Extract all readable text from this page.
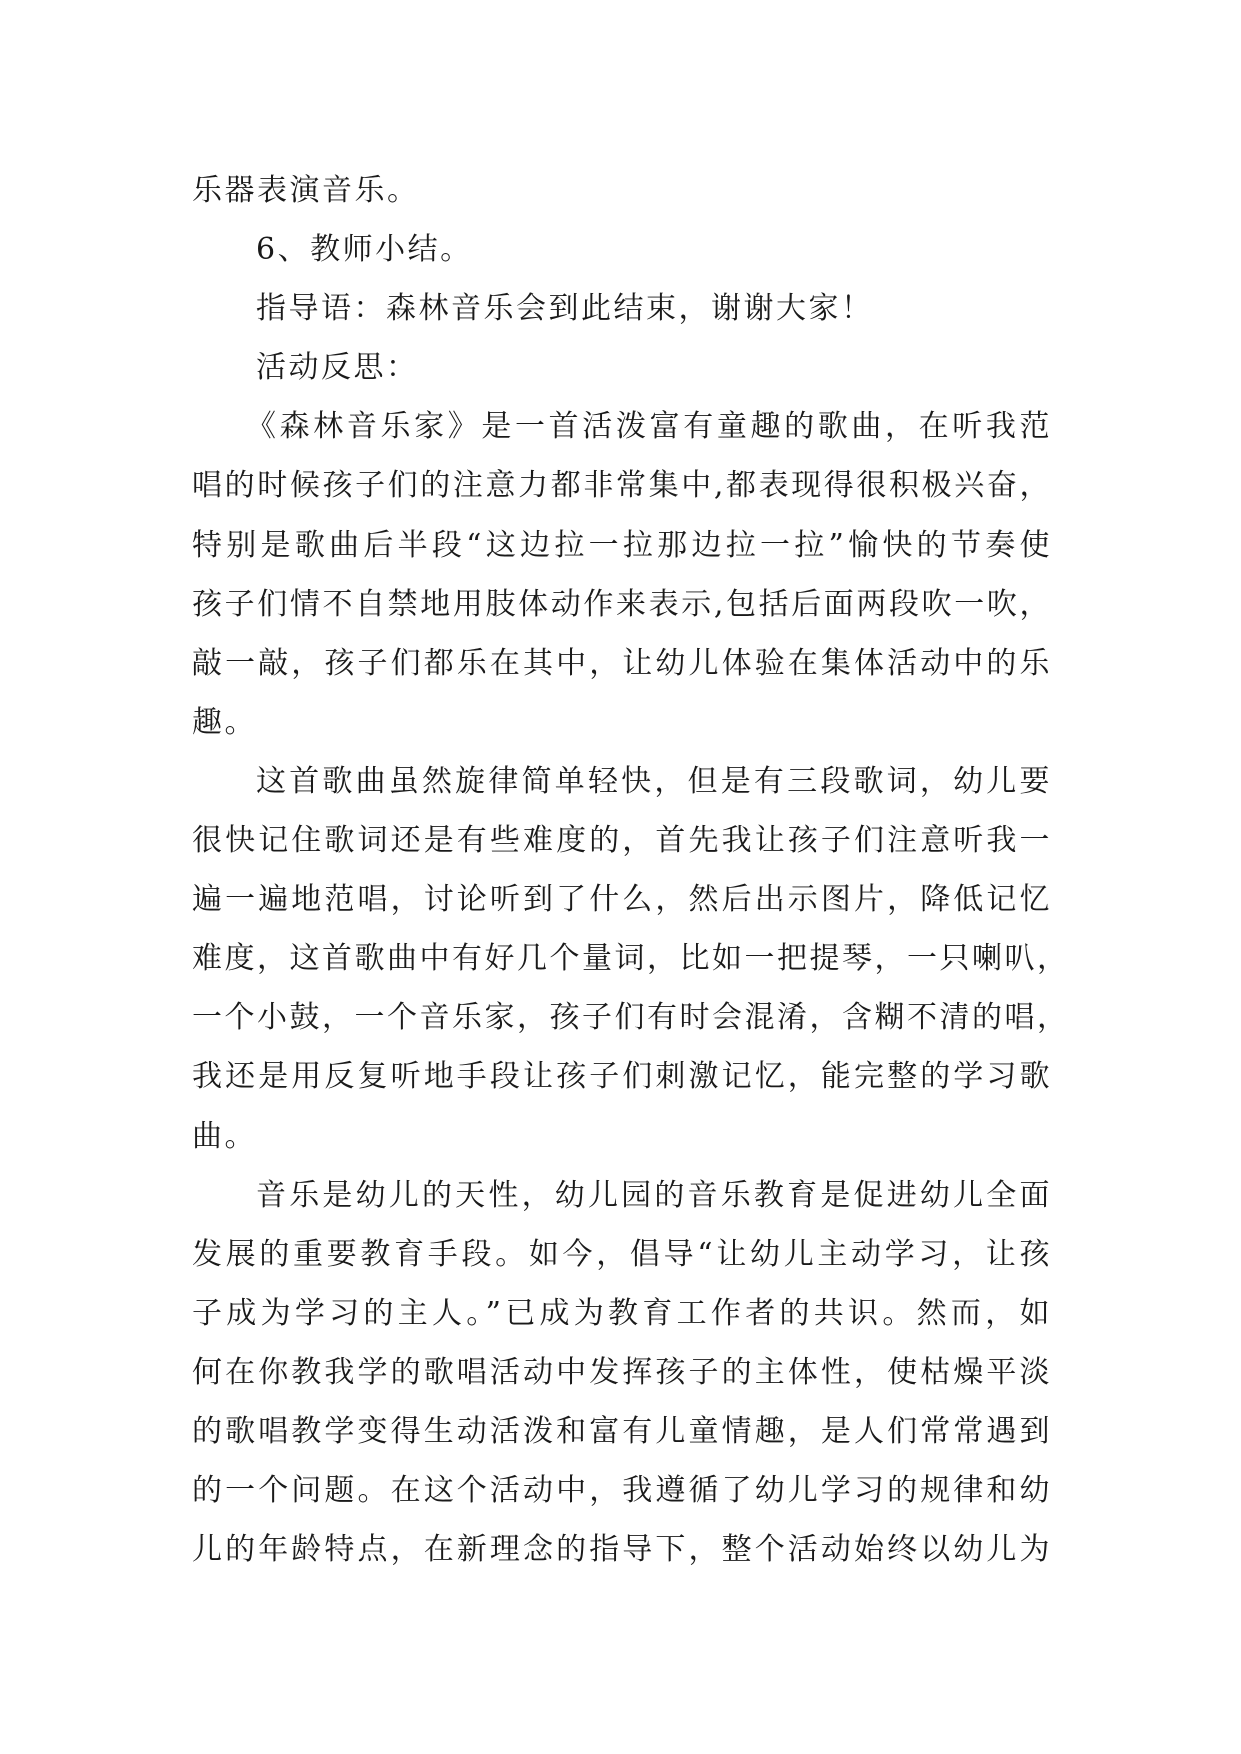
乐器表演音乐。
6、教师小结。
指导语：森林音乐会到此结束，谢谢大家！
活动反思：
《森林音乐家》是一首活泼富有童趣的歌曲，在听我范
唱的时候孩子们的注意力都非常集中,都表现得很积极兴奋，
特别是歌曲后半段“这边拉一拉那边拉一拉”愉快的节奏使
孩子们情不自禁地用肢体动作来表示,包括后面两段吹一吹，
敲一敲，孩子们都乐在其中，让幼儿体验在集体活动中的乐
趣。
这首歌曲虽然旋律简单轻快，但是有三段歌词，幼儿要
很快记住歌词还是有些难度的，首先我让孩子们注意听我一
遍一遍地范唱，讨论听到了什么，然后出示图片，降低记忆
难度，这首歌曲中有好几个量词，比如一把提琴，一只喇叭，
一个小鼓，一个音乐家，孩子们有时会混淆，含糊不清的唱，
我还是用反复听地手段让孩子们刺激记忆，能完整的学习歌
曲。
音乐是幼儿的天性，幼儿园的音乐教育是促进幼儿全面
发展的重要教育手段。如今，倡导“让幼儿主动学习，让孩
子成为学习的主人。”已成为教育工作者的共识。然而，如
何在你教我学的歌唱活动中发挥孩子的主体性，使枯燥平淡
的歌唱教学变得生动活泼和富有儿童情趣，是人们常常遇到
的一个问题。在这个活动中，我遵循了幼儿学习的规律和幼
儿的年龄特点，在新理念的指导下，整个活动始终以幼儿为
